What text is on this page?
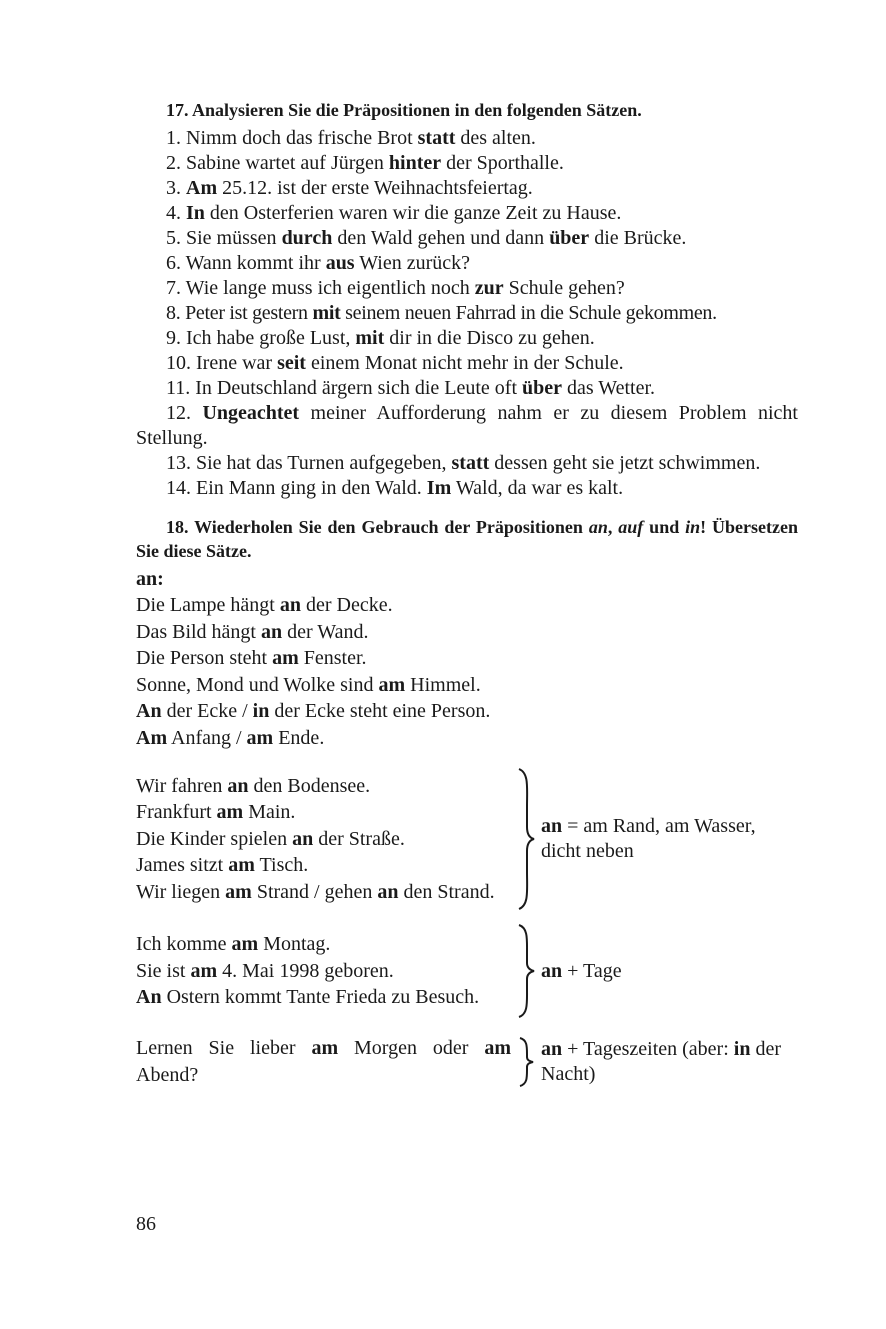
17. Analysieren Sie die Präpositionen in den folgenden Sätzen.

1. Nimm doch das frische Brot statt des alten.

2. Sabine wartet auf Jürgen hinter der Sporthalle.

3. Am 25.12. ist der erste Weihnachtsfeiertag.

4. In den Osterferien waren wir die ganze Zeit zu Hause.

5. Sie müssen durch den Wald gehen und dann über die Brücke.

6. Wann kommt ihr aus Wien zurück?

7. Wie lange muss ich eigentlich noch zur Schule gehen?

8. Peter ist gestern mit seinem neuen Fahrrad in die Schule gekommen.

9. Ich habe große Lust, mit dir in die Disco zu gehen.

10. Irene war seit einem Monat nicht mehr in der Schule.

11. In Deutschland ärgern sich die Leute oft über das Wetter.

12. Ungeachtet meiner Aufforderung nahm er zu diesem Problem nicht Stellung.

13. Sie hat das Turnen aufgegeben, statt dessen geht sie jetzt schwimmen.

14. Ein Mann ging in den Wald. Im Wald, da war es kalt.

18. Wiederholen Sie den Gebrauch der Präpositionen an, auf und in! Übersetzen Sie diese Sätze.

an:

Die Lampe hängt an der Decke.

Das Bild hängt an der Wand.

Die Person steht am Fenster.

Sonne, Mond und Wolke sind am Himmel.

An der Ecke / in der Ecke steht eine Person.

Am Anfang / am Ende.

Wir fahren an den Bodensee.

Frankfurt am Main.

Die Kinder spielen an der Straße.

James sitzt am Tisch.

Wir liegen am Strand / gehen an den Strand.

an = am Rand, am Wasser, dicht neben

Ich komme am Montag.

Sie ist am 4. Mai 1998 geboren.

An Ostern kommt Tante Frieda zu Besuch.

an + Tage

Lernen Sie lieber am Morgen oder am Abend?

an + Tageszeiten (aber: in der Nacht)
86
